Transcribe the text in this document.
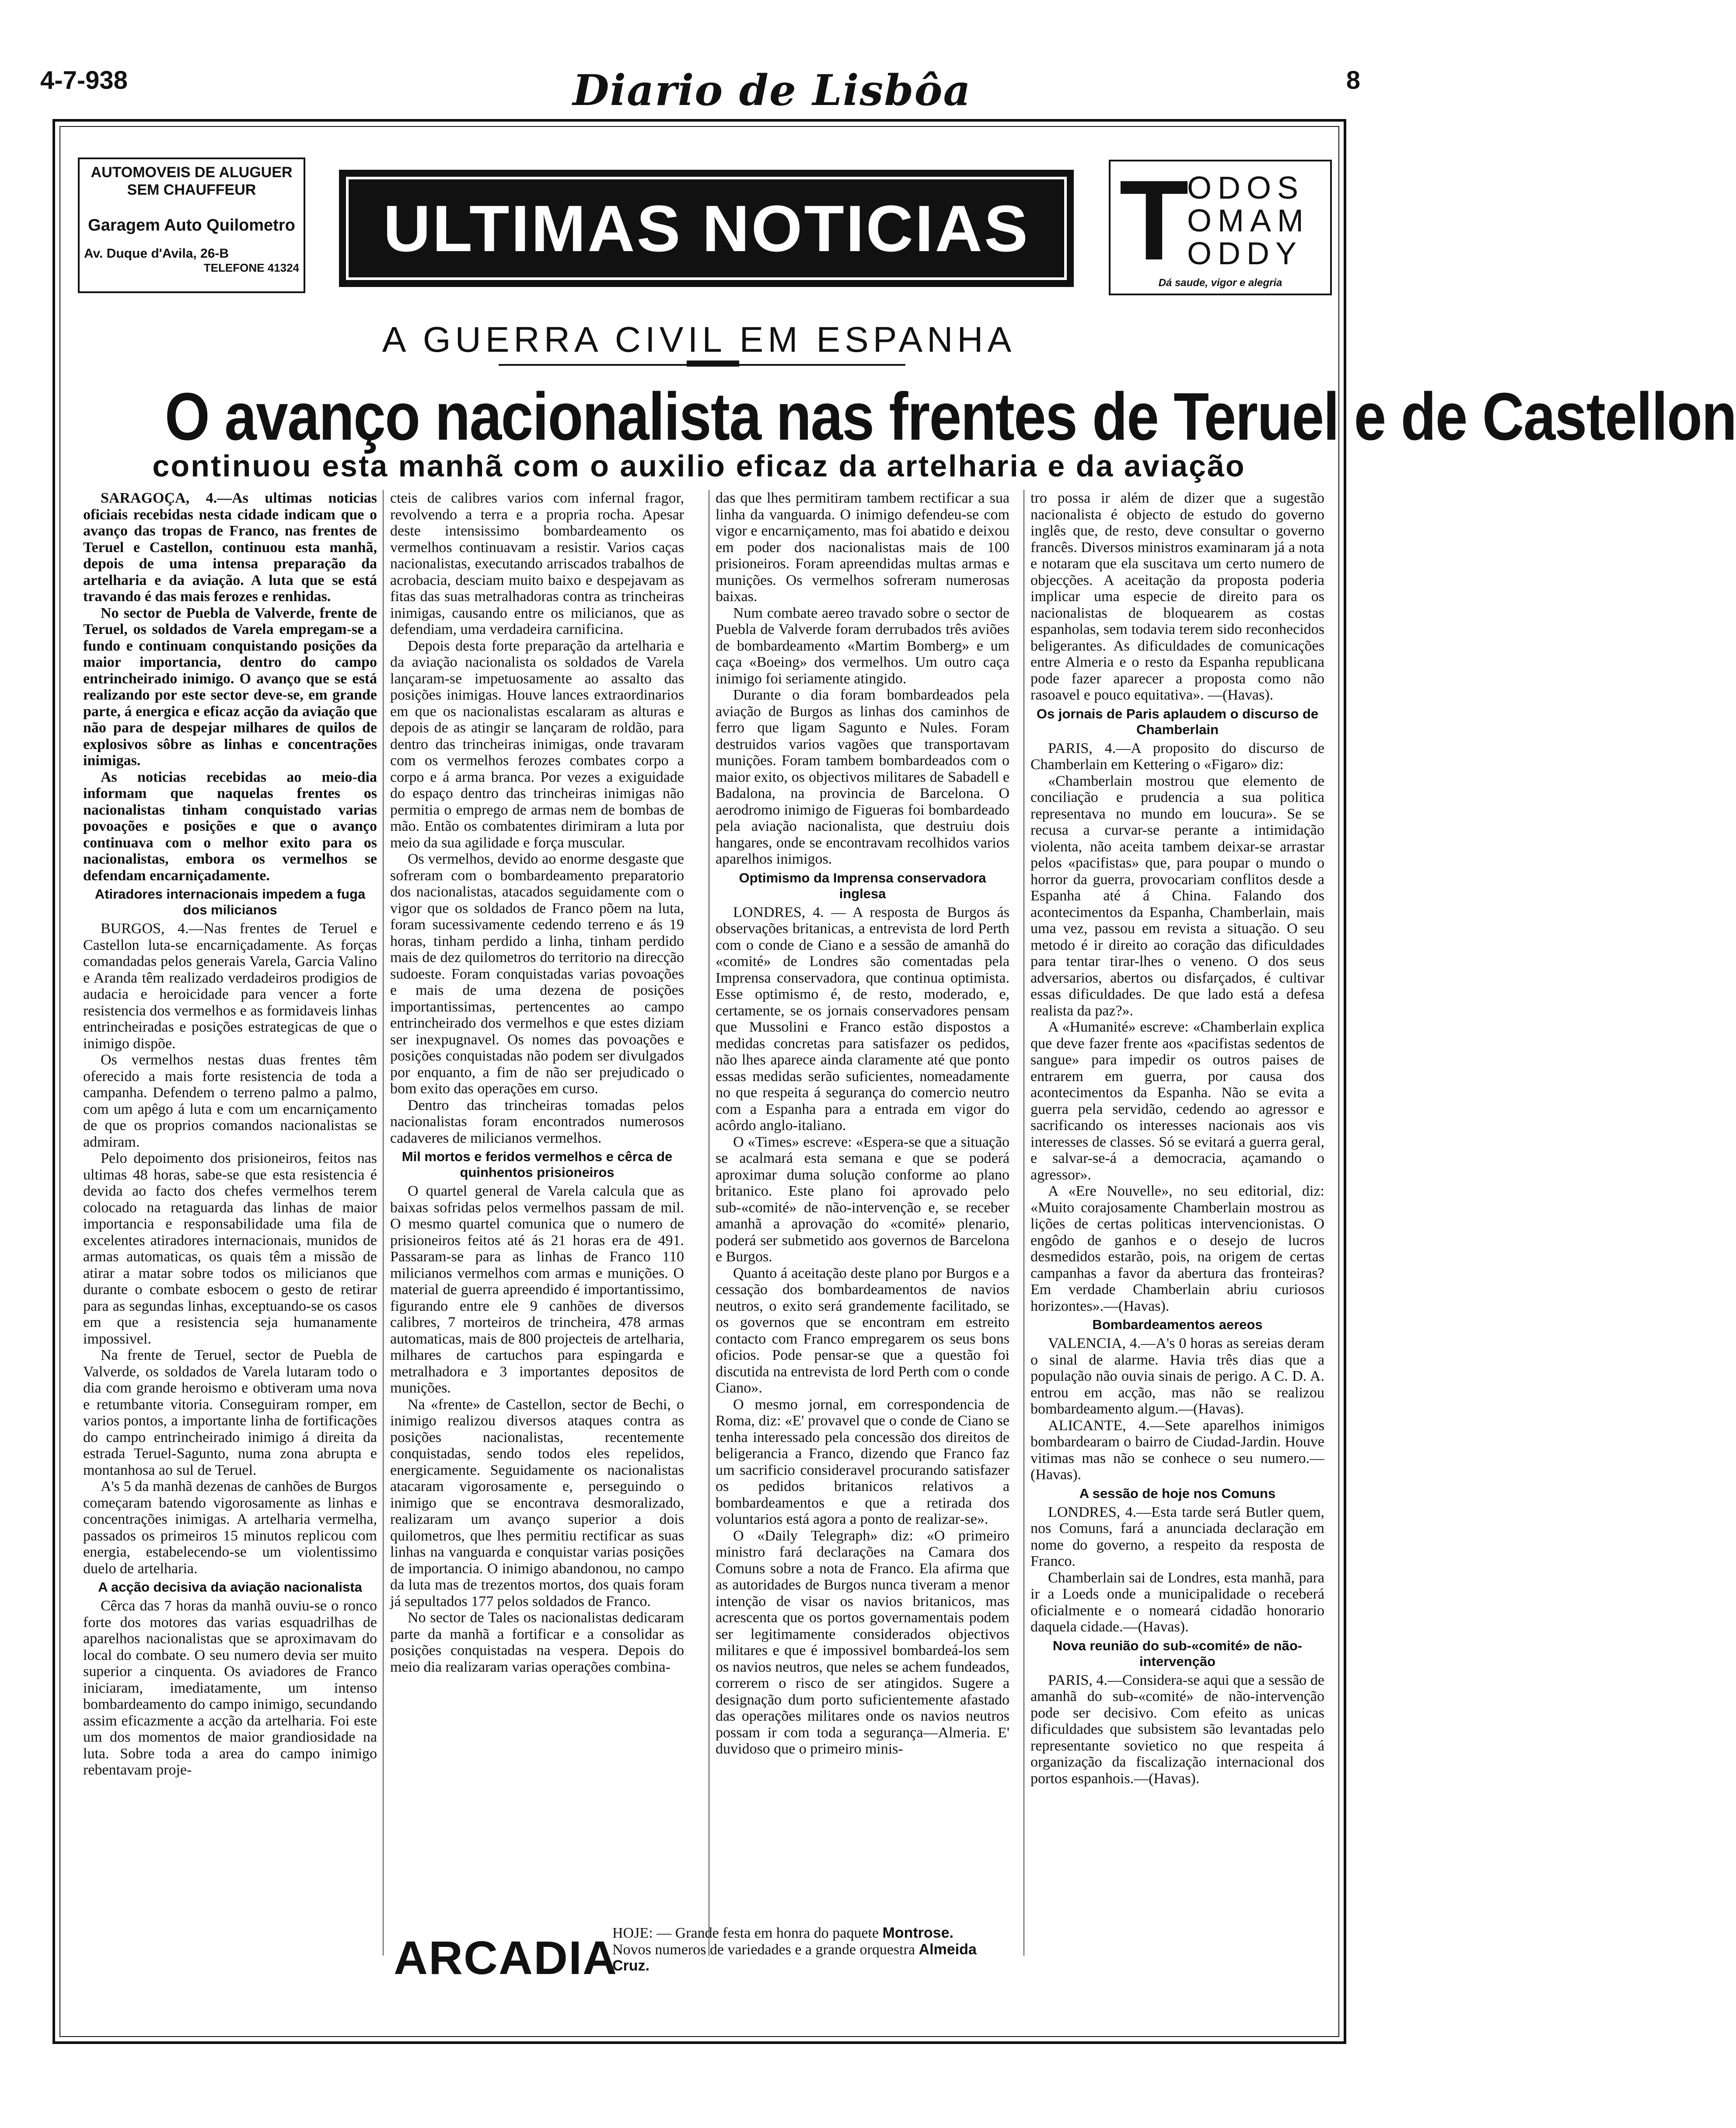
4-7-938	Diario de Lisbôa	8
AUTOMOVEIS DE ALUGUER
SEM CHAUFFEUR
Garagem Auto Quilometro
Av. Duque d'Avila, 26-B
TELEFONE 41324
ULTIMAS NOTICIAS T
ODOS
OMAM
ODDY
Dá saude, vigor e alegria
A GUERRA CIVIL EM ESPANHA
O avanço nacionalista nas frentes de Teruel e de Castellon
continuou esta manhã com o auxilio eficaz da artelharia e da aviação

SARAGOÇA, 4.—As ultimas noticias oficiais recebidas nesta cidade indicam que o avanço das tropas de Franco, nas frentes de Teruel e Castellon, continuou esta manhã, depois de uma intensa preparação da artelharia e da aviação. A luta que se está travando é das mais ferozes e renhidas.

No sector de Puebla de Valverde, frente de Teruel, os soldados de Varela empregam-se a fundo e continuam conquistando posições da maior importancia, dentro do campo entrincheirado inimigo. O avanço que se está realizando por este sector deve-se, em grande parte, á energica e eficaz acção da aviação que não para de despejar milhares de quilos de explosivos sôbre as linhas e concentrações inimigas.

As noticias recebidas ao meio-dia informam que naquelas frentes os nacionalistas tinham conquistado varias povoações e posições e que o avanço continuava com o melhor exito para os nacionalistas, embora os vermelhos se defendam encarniçadamente.

Atiradores internacionais impedem a fuga dos milicianos

BURGOS, 4.—Nas frentes de Teruel e Castellon luta-se encarniçadamente. As forças comandadas pelos generais Varela, Garcia Valino e Aranda têm realizado verdadeiros prodigios de audacia e heroicidade para vencer a forte resistencia dos vermelhos e as formidaveis linhas entrincheiradas e posições estrategicas de que o inimigo dispõe.

Os vermelhos nestas duas frentes têm oferecido a mais forte resistencia de toda a campanha. Defendem o terreno palmo a palmo, com um apêgo á luta e com um encarniçamento de que os proprios comandos nacionalistas se admiram.

Pelo depoimento dos prisioneiros, feitos nas ultimas 48 horas, sabe-se que esta resistencia é devida ao facto dos chefes vermelhos terem colocado na retaguarda das linhas de maior importancia e responsabilidade uma fila de excelentes atiradores internacionais, munidos de armas automaticas, os quais têm a missão de atirar a matar sobre todos os milicianos que durante o combate esbocem o gesto de retirar para as segundas linhas, exceptuando-se os casos em que a resistencia seja humanamente impossivel.

Na frente de Teruel, sector de Puebla de Valverde, os soldados de Varela lutaram todo o dia com grande heroismo e obtiveram uma nova e retumbante vitoria. Conseguiram romper, em varios pontos, a importante linha de fortificações do campo entrincheirado inimigo á direita da estrada Teruel-Sagunto, numa zona abrupta e montanhosa ao sul de Teruel.

A's 5 da manhã dezenas de canhões de Burgos começaram batendo vigorosamente as linhas e concentrações inimigas. A artelharia vermelha, passados os primeiros 15 minutos replicou com energia, estabelecendo-se um violentissimo duelo de artelharia.

A acção decisiva da aviação nacionalista

Cêrca das 7 horas da manhã ouviu-se o ronco forte dos motores das varias esquadrilhas de aparelhos nacionalistas que se aproximavam do local do combate. O seu numero devia ser muito superior a cinquenta. Os aviadores de Franco iniciaram, imediatamente, um intenso bombardeamento do campo inimigo, secundando assim eficazmente a acção da artelharia. Foi este um dos momentos de maior grandiosidade na luta. Sobre toda a area do campo inimigo rebentavam proje-

cteis de calibres varios com infernal fragor, revolvendo a terra e a propria rocha. Apesar deste intensissimo bombardeamento os vermelhos continuavam a resistir. Varios caças nacionalistas, executando arriscados trabalhos de acrobacia, desciam muito baixo e despejavam as fitas das suas metralhadoras contra as trincheiras inimigas, causando entre os milicianos, que as defendiam, uma verdadeira carnificina.

Depois desta forte preparação da artelharia e da aviação nacionalista os soldados de Varela lançaram-se impetuosamente ao assalto das posições inimigas. Houve lances extraordinarios em que os nacionalistas escalaram as alturas e depois de as atingir se lançaram de roldão, para dentro das trincheiras inimigas, onde travaram com os vermelhos ferozes combates corpo a corpo e á arma branca. Por vezes a exiguidade do espaço dentro das trincheiras inimigas não permitia o emprego de armas nem de bombas de mão. Então os combatentes dirimiram a luta por meio da sua agilidade e força muscular.

Os vermelhos, devido ao enorme desgaste que sofreram com o bombardeamento preparatorio dos nacionalistas, atacados seguidamente com o vigor que os soldados de Franco põem na luta, foram sucessivamente cedendo terreno e ás 19 horas, tinham perdido a linha, tinham perdido mais de dez quilometros do territorio na direcção sudoeste. Foram conquistadas varias povoações e mais de uma dezena de posições importantissimas, pertencentes ao campo entrincheirado dos vermelhos e que estes diziam ser inexpugnavel. Os nomes das povoações e posições conquistadas não podem ser divulgados por enquanto, a fim de não ser prejudicado o bom exito das operações em curso.

Dentro das trincheiras tomadas pelos nacionalistas foram encontrados numerosos cadaveres de milicianos vermelhos.

Mil mortos e feridos vermelhos e cêrca de quinhentos prisioneiros

O quartel general de Varela calcula que as baixas sofridas pelos vermelhos passam de mil. O mesmo quartel comunica que o numero de prisioneiros feitos até ás 21 horas era de 491. Passaram-se para as linhas de Franco 110 milicianos vermelhos com armas e munições. O material de guerra apreendido é importantissimo, figurando entre ele 9 canhões de diversos calibres, 7 morteiros de trincheira, 478 armas automaticas, mais de 800 projecteis de artelharia, milhares de cartuchos para espingarda e metralhadora e 3 importantes depositos de munições.

Na «frente» de Castellon, sector de Bechi, o inimigo realizou diversos ataques contra as posições nacionalistas, recentemente conquistadas, sendo todos eles repelidos, energicamente. Seguidamente os nacionalistas atacaram vigorosamente e, perseguindo o inimigo que se encontrava desmoralizado, realizaram um avanço superior a dois quilometros, que lhes permitiu rectificar as suas linhas na vanguarda e conquistar varias posições de importancia. O inimigo abandonou, no campo da luta mas de trezentos mortos, dos quais foram já sepultados 177 pelos soldados de Franco.

No sector de Tales os nacionalistas dedicaram parte da manhã a fortificar e a consolidar as posições conquistadas na vespera. Depois do meio dia realizaram varias operações combina-

das que lhes permitiram tambem rectificar a sua linha da vanguarda. O inimigo defendeu-se com vigor e encarniçamento, mas foi abatido e deixou em poder dos nacionalistas mais de 100 prisioneiros. Foram apreendidas multas armas e munições. Os vermelhos sofreram numerosas baixas.

Num combate aereo travado sobre o sector de Puebla de Valverde foram derrubados três aviões de bombardeamento «Martim Bomberg» e um caça «Boeing» dos vermelhos. Um outro caça inimigo foi seriamente atingido.

Durante o dia foram bombardeados pela aviação de Burgos as linhas dos caminhos de ferro que ligam Sagunto e Nules. Foram destruidos varios vagões que transportavam munições. Foram tambem bombardeados com o maior exito, os objectivos militares de Sabadell e Badalona, na provincia de Barcelona. O aerodromo inimigo de Figueras foi bombardeado pela aviação nacionalista, que destruiu dois hangares, onde se encontravam recolhidos varios aparelhos inimigos.

Optimismo da Imprensa conservadora inglesa

LONDRES, 4. — A resposta de Burgos ás observações britanicas, a entrevista de lord Perth com o conde de Ciano e a sessão de amanhã do «comité» de Londres são comentadas pela Imprensa conservadora, que continua optimista. Esse optimismo é, de resto, moderado, e, certamente, se os jornais conservadores pensam que Mussolini e Franco estão dispostos a medidas concretas para satisfazer os pedidos, não lhes aparece ainda claramente até que ponto essas medidas serão suficientes, nomeadamente no que respeita á segurança do comercio neutro com a Espanha para a entrada em vigor do acôrdo anglo-italiano.

O «Times» escreve: «Espera-se que a situação se acalmará esta semana e que se poderá aproximar duma solução conforme ao plano britanico. Este plano foi aprovado pelo sub-«comité» de não-intervenção e, se receber amanhã a aprovação do «comité» plenario, poderá ser submetido aos governos de Barcelona e Burgos.

Quanto á aceitação deste plano por Burgos e a cessação dos bombardeamentos de navios neutros, o exito será grandemente facilitado, se os governos que se encontram em estreito contacto com Franco empregarem os seus bons oficios. Pode pensar-se que a questão foi discutida na entrevista de lord Perth com o conde Ciano».

O mesmo jornal, em correspondencia de Roma, diz: «E' provavel que o conde de Ciano se tenha interessado pela concessão dos direitos de beligerancia a Franco, dizendo que Franco faz um sacrificio consideravel procurando satisfazer os pedidos britanicos relativos a bombardeamentos e que a retirada dos voluntarios está agora a ponto de realizar-se».

O «Daily Telegraph» diz: «O primeiro ministro fará declarações na Camara dos Comuns sobre a nota de Franco. Ela afirma que as autoridades de Burgos nunca tiveram a menor intenção de visar os navios britanicos, mas acrescenta que os portos governamentais podem ser legitimamente considerados objectivos militares e que é impossivel bombardeá-los sem os navios neutros, que neles se achem fundeados, correrem o risco de ser atingidos. Sugere a designação dum porto suficientemente afastado das operações militares onde os navios neutros possam ir com toda a segurança—Almeria. E' duvidoso que o primeiro minis-

tro possa ir além de dizer que a sugestão nacionalista é objecto de estudo do governo inglês que, de resto, deve consultar o governo francês. Diversos ministros examinaram já a nota e notaram que ela suscitava um certo numero de objecções. A aceitação da proposta poderia implicar uma especie de direito para os nacionalistas de bloquearem as costas espanholas, sem todavia terem sido reconhecidos beligerantes. As dificuldades de comunicações entre Almeria e o resto da Espanha republicana pode fazer aparecer a proposta como não rasoavel e pouco equitativa». —(Havas).

Os jornais de Paris aplaudem o discurso de Chamberlain

PARIS, 4.—A proposito do discurso de Chamberlain em Kettering o «Figaro» diz:

«Chamberlain mostrou que elemento de conciliação e prudencia a sua politica representava no mundo em loucura». Se se recusa a curvar-se perante a intimidação violenta, não aceita tambem deixar-se arrastar pelos «pacifistas» que, para poupar o mundo o horror da guerra, provocariam conflitos desde a Espanha até á China. Falando dos acontecimentos da Espanha, Chamberlain, mais uma vez, passou em revista a situação. O seu metodo é ir direito ao coração das dificuldades para tentar tirar-lhes o veneno. O dos seus adversarios, abertos ou disfarçados, é cultivar essas dificuldades. De que lado está a defesa realista da paz?».

A «Humanité» escreve: «Chamberlain explica que deve fazer frente aos «pacifistas sedentos de sangue» para impedir os outros paises de entrarem em guerra, por causa dos acontecimentos da Espanha. Não se evita a guerra pela servidão, cedendo ao agressor e sacrificando os interesses nacionais aos vis interesses de classes. Só se evitará a guerra geral, e salvar-se-á a democracia, açamando o agressor».

A «Ere Nouvelle», no seu editorial, diz: «Muito corajosamente Chamberlain mostrou as lições de certas politicas intervencionistas. O engôdo de ganhos e o desejo de lucros desmedidos estarão, pois, na origem de certas campanhas a favor da abertura das fronteiras? Em verdade Chamberlain abriu curiosos horizontes».—(Havas).

Bombardeamentos aereos

VALENCIA, 4.—A's 0 horas as sereias deram o sinal de alarme. Havia três dias que a população não ouvia sinais de perigo. A C. D. A. entrou em acção, mas não se realizou bombardeamento algum.—(Havas).

ALICANTE, 4.—Sete aparelhos inimigos bombardearam o bairro de Ciudad-Jardin. Houve vitimas mas não se conhece o seu numero.—(Havas).

A sessão de hoje nos Comuns

LONDRES, 4.—Esta tarde será Butler quem, nos Comuns, fará a anunciada declaração em nome do governo, a respeito da resposta de Franco.

Chamberlain sai de Londres, esta manhã, para ir a Loeds onde a municipalidade o receberá oficialmente e o nomeará cidadão honorario daquela cidade.—(Havas).

Nova reunião do sub-«comité» de não-intervenção

PARIS, 4.—Considera-se aqui que a sessão de amanhã do sub-«comité» de não-intervenção pode ser decisivo. Com efeito as unicas dificuldades que subsistem são levantadas pelo representante sovietico no que respeita á organização da fiscalização internacional dos portos espanhois.—(Havas).

ARCADIA
HOJE: — Grande festa em honra do paquete Montrose. Novos numeros de variedades e a grande orquestra Almeida Cruz.
